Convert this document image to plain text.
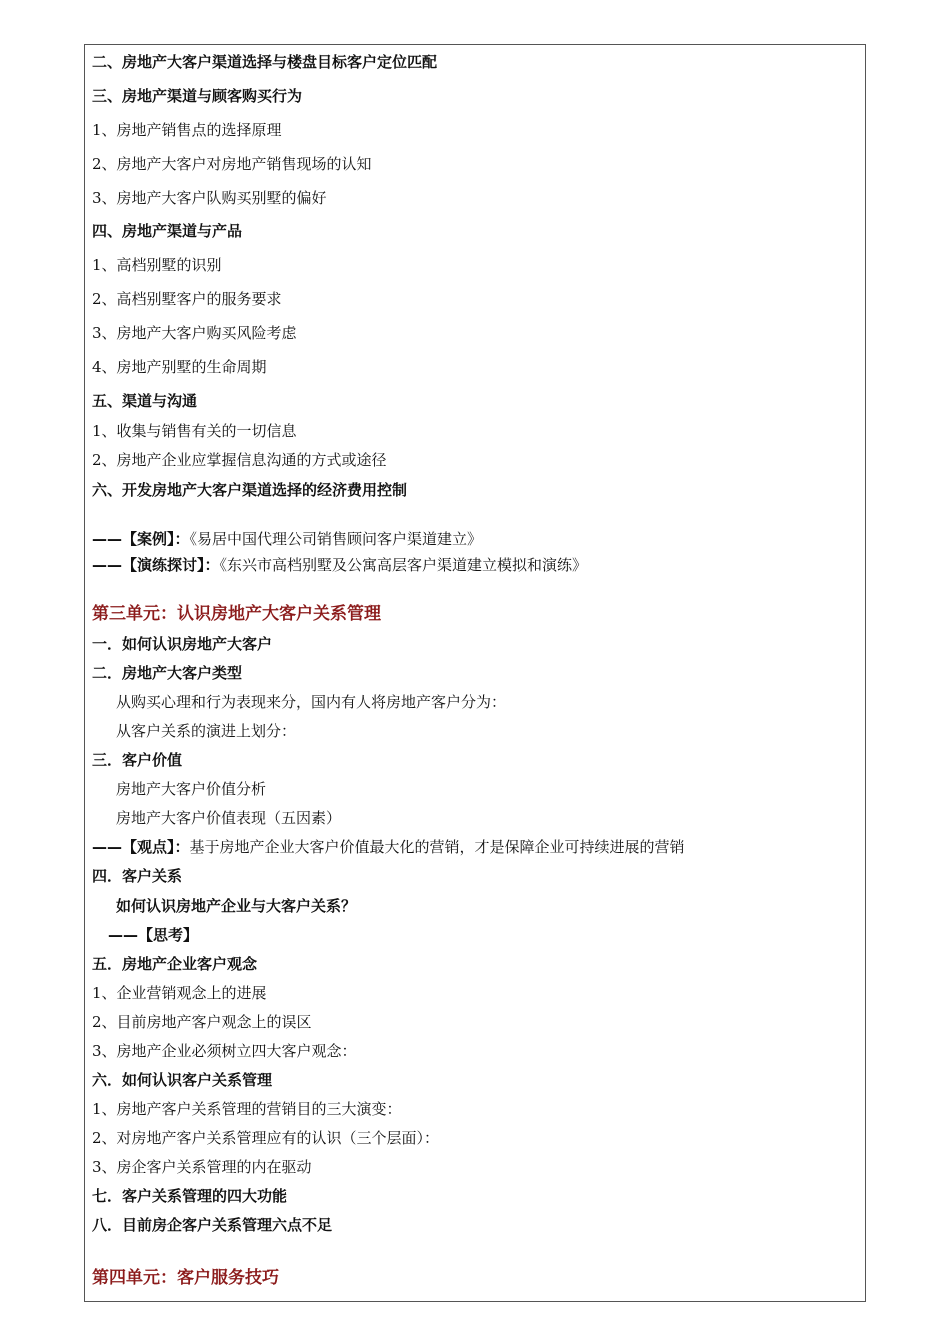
二、房地产大客户渠道选择与楼盘目标客户定位匹配
三、房地产渠道与顾客购买行为
1、房地产销售点的选择原理
2、房地产大客户对房地产销售现场的认知
3、房地产大客户队购买别墅的偏好
四、房地产渠道与产品
1、高档别墅的识别
2、高档别墅客户的服务要求
3、房地产大客户购买风险考虑
4、房地产别墅的生命周期
五、渠道与沟通
1、收集与销售有关的一切信息
2、房地产企业应掌握信息沟通的方式或途径
六、开发房地产大客户渠道选择的经济费用控制
——【案例】：《易居中国代理公司销售顾问客户渠道建立》
——【演练探讨】：《东兴市高档别墅及公寓高层客户渠道建立模拟和演练》
第三单元：认识房地产大客户关系管理
一．如何认识房地产大客户
二．房地产大客户类型
从购买心理和行为表现来分，国内有人将房地产客户分为：
从客户关系的演进上划分：
三．客户价值
房地产大客户价值分析
房地产大客户价值表现（五因素）
——【观点】：基于房地产企业大客户价值最大化的营销，才是保障企业可持续进展的营销
四．客户关系
如何认识房地产企业与大客户关系？
——【思考】
五．房地产企业客户观念
1、企业营销观念上的进展
2、目前房地产客户观念上的误区
3、房地产企业必须树立四大客户观念：
六．如何认识客户关系管理
1、房地产客户关系管理的营销目的三大演变：
2、对房地产客户关系管理应有的认识（三个层面）：
3、房企客户关系管理的内在驱动
七．客户关系管理的四大功能
八．目前房企客户关系管理六点不足
第四单元：客户服务技巧
